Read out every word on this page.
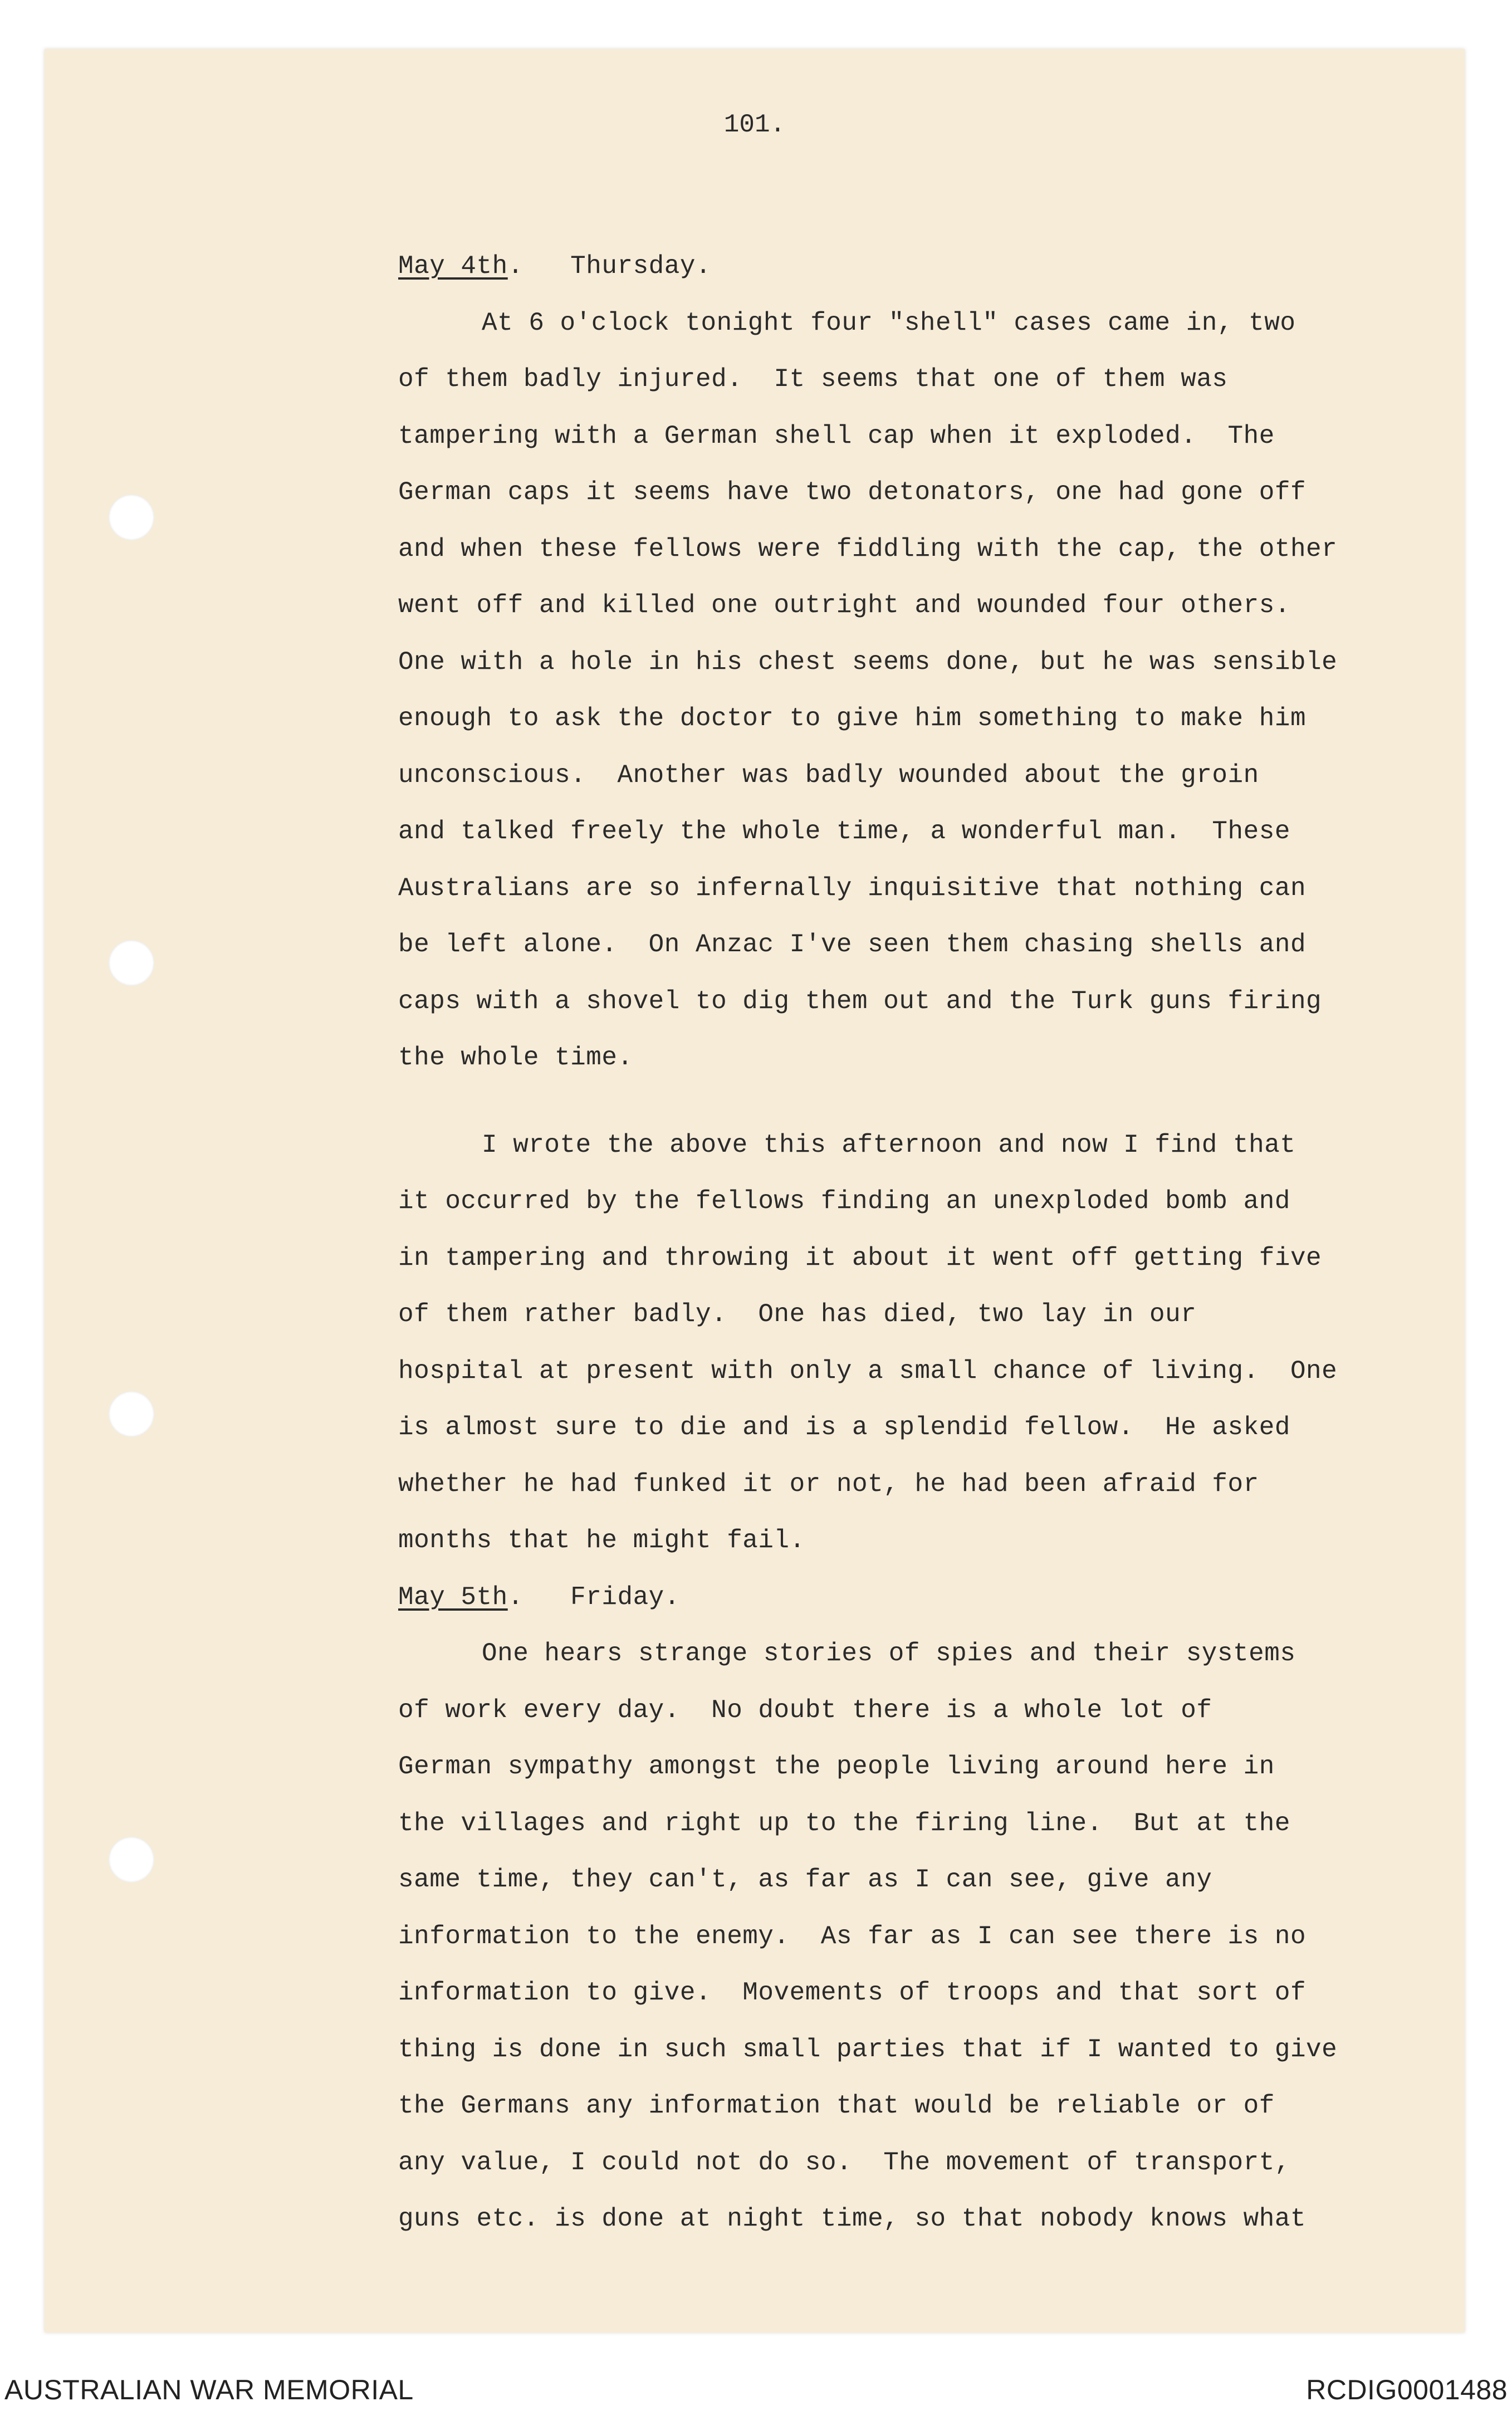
101.
May 4th.   Thursday.
At 6 o'clock tonight four "shell" cases came in, two
of them badly injured.  It seems that one of them was
tampering with a German shell cap when it exploded.  The
German caps it seems have two detonators, one had gone off
and when these fellows were fiddling with the cap, the other
went off and killed one outright and wounded four others.
One with a hole in his chest seems done, but he was sensible
enough to ask the doctor to give him something to make him
unconscious.  Another was badly wounded about the groin
and talked freely the whole time, a wonderful man.  These
Australians are so infernally inquisitive that nothing can
be left alone.  On Anzac I've seen them chasing shells and
caps with a shovel to dig them out and the Turk guns firing
the whole time.
I wrote the above this afternoon and now I find that
it occurred by the fellows finding an unexploded bomb and
in tampering and throwing it about it went off getting five
of them rather badly.  One has died, two lay in our
hospital at present with only a small chance of living.  One
is almost sure to die and is a splendid fellow.  He asked
whether he had funked it or not, he had been afraid for
months that he might fail.
May 5th.   Friday.
One hears strange stories of spies and their systems
of work every day.  No doubt there is a whole lot of
German sympathy amongst the people living around here in
the villages and right up to the firing line.  But at the
same time, they can't, as far as I can see, give any
information to the enemy.  As far as I can see there is no
information to give.  Movements of troops and that sort of
thing is done in such small parties that if I wanted to give
the Germans any information that would be reliable or of
any value, I could not do so.  The movement of transport,
guns etc. is done at night time, so that nobody knows what
AUSTRALIAN WAR MEMORIAL	RCDIG0001488
